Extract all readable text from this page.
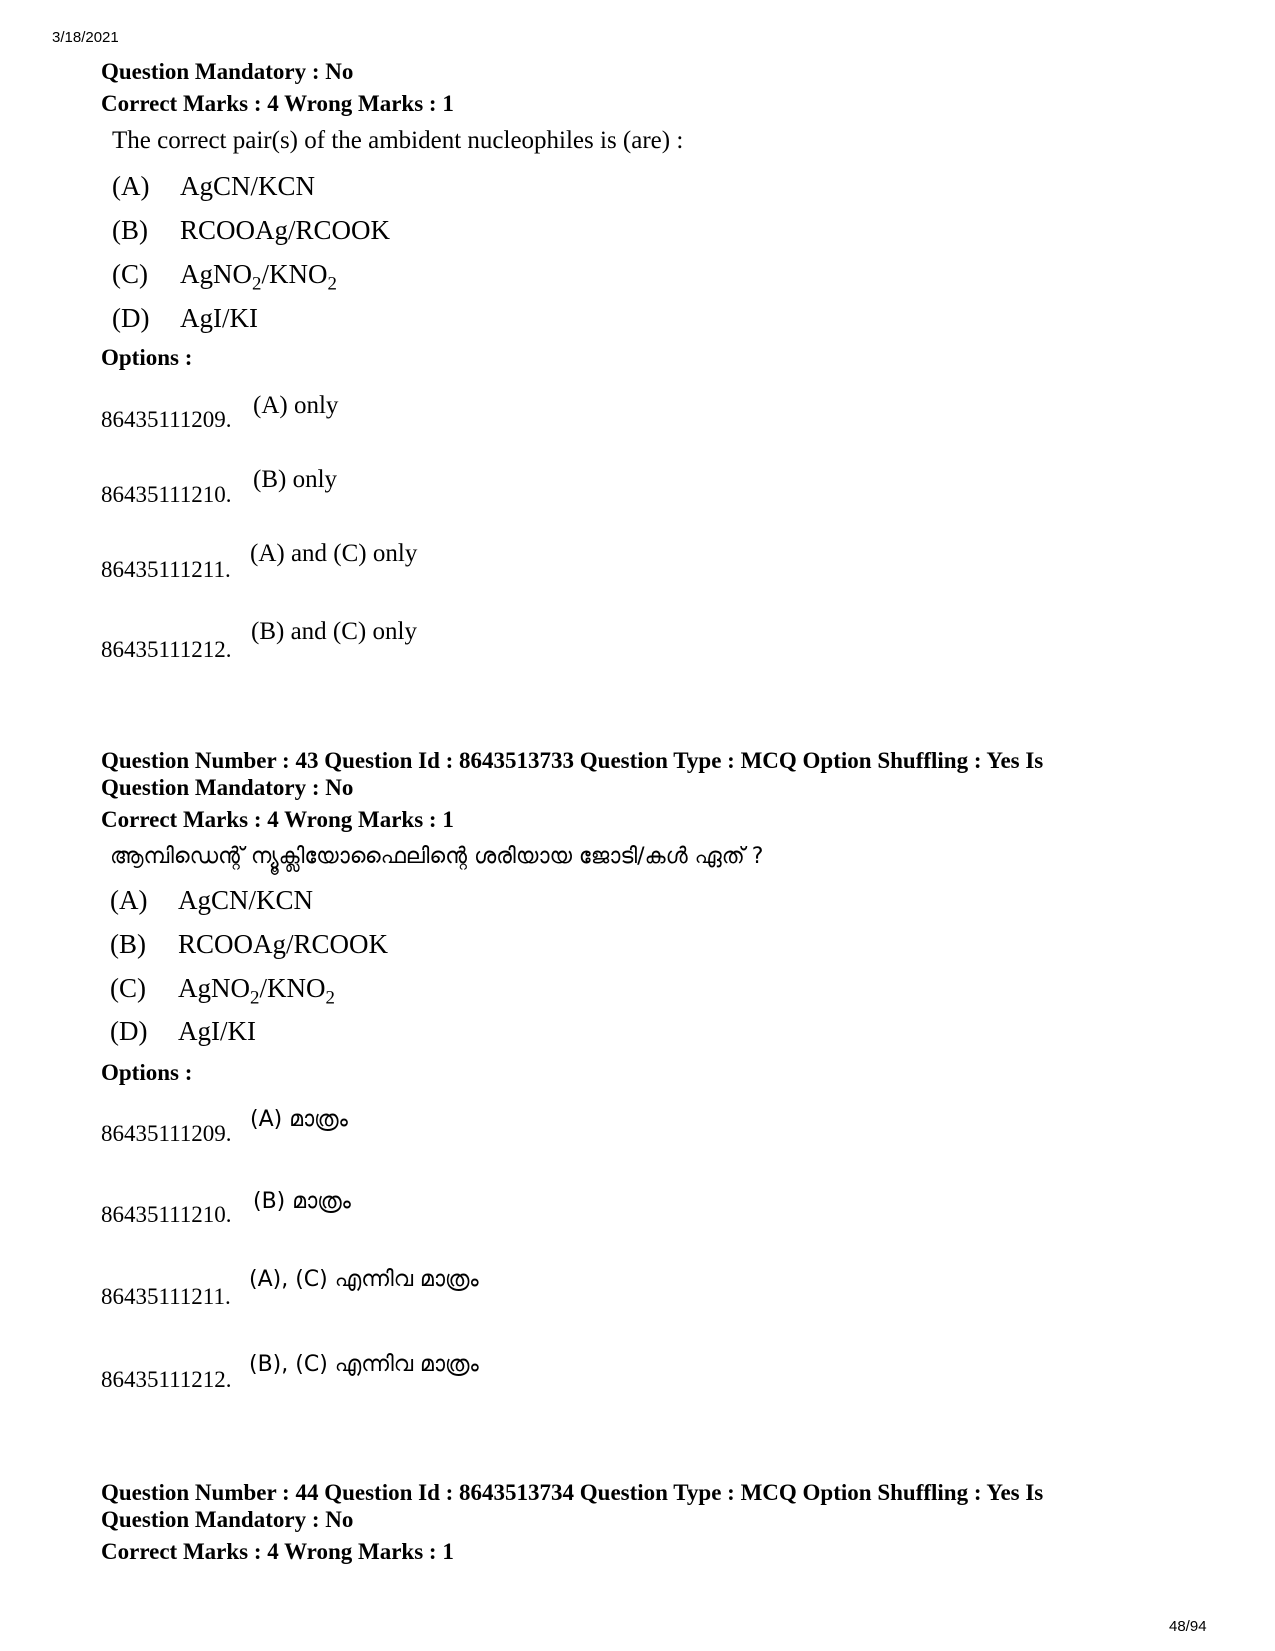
3/18/2021
Question Mandatory : No
Correct Marks : 4 Wrong Marks : 1
The correct pair(s) of the ambident nucleophiles is (are) :
(A) AgCN/KCN
(B) RCOOAg/RCOOK
(C) $AgNO_2/KNO_2$
(D) AgI/KI
Options :
86435111209.
(A) only
86435111210.
(B) only
86435111211.
(A) and (C) only
86435111212.
(B) and (C) only
Question Number : 43 Question Id : 8643513733 Question Type : MCQ Option Shuffling : Yes Is
Question Mandatory : No
Correct Marks : 4 Wrong Marks : 1
ആമ്പിഡെന്റ് ന്യൂക്ലിയോഫൈലിന്റെ ശരിയായ ജോടി/കൾ ഏത് ?
(A) AgCN/KCN
(B) RCOOAg/RCOOK
(C) $AgNO_2/KNO_2$
(D) AgI/KI
Options :
86435111209.
(A) മാത്രം
86435111210.
(B) മാത്രം
86435111211.
(A), (C) എന്നിവ മാത്രം
86435111212.
(B), (C) എന്നിവ മാത്രം
Question Number : 44 Question Id : 8643513734 Question Type : MCQ Option Shuffling : Yes Is
Question Mandatory : No
Correct Marks : 4 Wrong Marks : 1
48/94
